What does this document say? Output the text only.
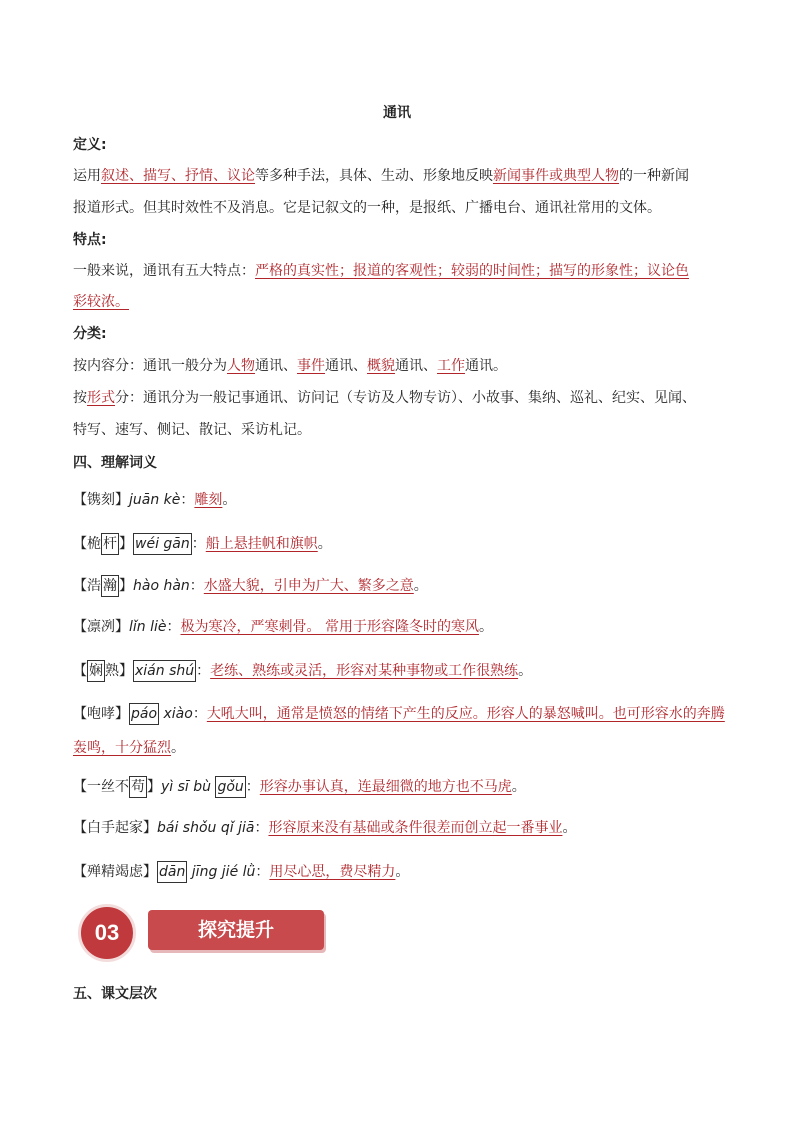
通讯
定义:
运用叙述、描写、抒情、议论等多种手法，具体、生动、形象地反映新闻事件或典型人物的一种新闻
报道形式。但其时效性不及消息。它是记叙文的一种，是报纸、广播电台、通讯社常用的文体。
特点:
一般来说，通讯有五大特点：严格的真实性；报道的客观性；较弱的时间性；描写的形象性；议论色
彩较浓。
分类:
按内容分：通讯一般分为人物通讯、事件通讯、概貌通讯、工作通讯。
按形式分：通讯分为一般记事通讯、访问记（专访及人物专访）、小故事、集纳、巡礼、纪实、见闻、
特写、速写、侧记、散记、采访札记。
四、理解词义
【镌刻】juān kè：雕刻。
【桅 杆 】 wéi gān ：船上悬挂帆和旗帜。
【浩 瀚 】hào hàn：水盛大貌，引申为广大、繁多之意。
【凛冽】lǐn liè：极为寒冷，严寒刺骨。 常用于形容隆冬时的寒风。
【 娴 熟】 xián shú ：老练、熟练或灵活，形容对某种事物或工作很熟练。
【咆哮】 páo xiào：大吼大叫，通常是愤怒的情绪下产生的反应。形容人的暴怒喊叫。也可形容水的奔腾
轰鸣，十分猛烈。
【一丝不 苟 】yì sī bù gǒu ：形容办事认真，连最细微的地方也不马虎。
【白手起家】bái shǒu qǐ jiā：形容原来没有基础或条件很差而创立起一番事业。
【殚精竭虑】 dān jīng jié lǜ：用尽心思，费尽精力。
03	探究提升
五、课文层次
